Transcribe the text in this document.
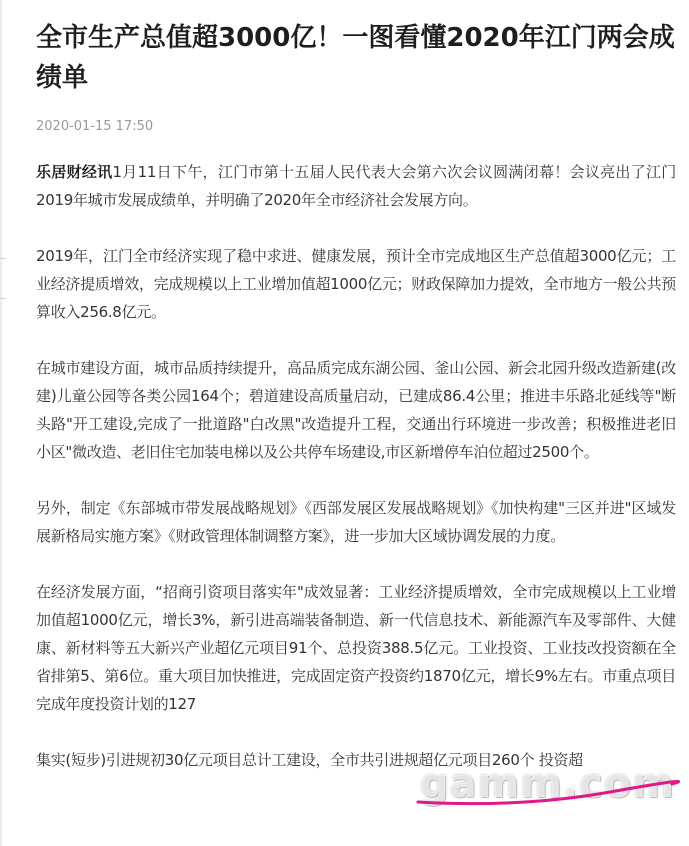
全市生产总值超3000亿！一图看懂2020年江门两会成绩单
2020-01-15 17:50

乐居财经讯1月11日下午，江门市第十五届人民代表大会第六次会议圆满闭幕！会议亮出了江门2019年城市发展成绩单，并明确了2020年全市经济社会发展方向。

2019年，江门全市经济实现了稳中求进、健康发展，预计全市完成地区生产总值超3000亿元；工业经济提质增效，完成规模以上工业增加值超1000亿元；财政保障加力提效，全市地方一般公共预算收入256.8亿元。

在城市建设方面，城市品质持续提升，高品质完成东湖公园、釜山公园、新会北园升级改造新建(改建)儿童公园等各类公园164个；碧道建设高质量启动，已建成86.4公里；推进丰乐路北延线等"断头路"开工建设,完成了一批道路"白改黑"改造提升工程，交通出行环境进一步改善；积极推进老旧小区"微改造、老旧住宅加装电梯以及公共停车场建设,市区新增停车泊位超过2500个。

另外，制定《东部城市带发展战略规划》《西部发展区发展战略规划》《加快构建"三区并进"区域发展新格局实施方案》《财政管理体制调整方案》，进一步加大区域协调发展的力度。

在经济发展方面，“招商引资项目落实年"成效显著：工业经济提质增效，全市完成规模以上工业增加值超1000亿元，增长3%，新引进高端装备制造、新一代信息技术、新能源汽车及零部件、大健康、新材料等五大新兴产业超亿元项目91个、总投资388.5亿元。工业投资、工业技改投资额在全省排第5、第6位。重大项目加快推进，完成固定资产投资约1870亿元，增长9%左右。市重点项目完成年度投资计划的127

集实(短步)引进规初30亿元项目总计工建设，全市共引进规超亿元项目260个 投资超

gamm.com
